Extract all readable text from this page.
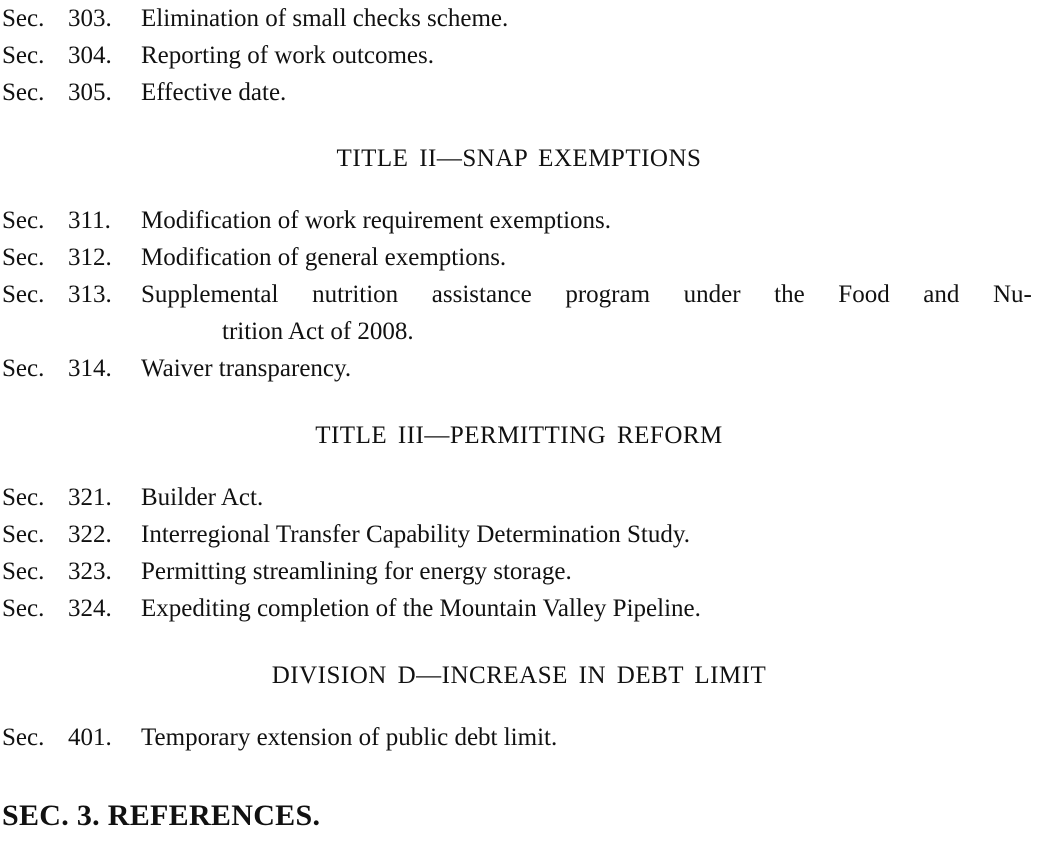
Sec. 303. Elimination of small checks scheme.
Sec. 304. Reporting of work outcomes.
Sec. 305. Effective date.
TITLE II—SNAP EXEMPTIONS
Sec. 311. Modification of work requirement exemptions.
Sec. 312. Modification of general exemptions.
Sec. 313. Supplemental nutrition assistance program under the Food and Nu-
trition Act of 2008.
Sec. 314. Waiver transparency.
TITLE III—PERMITTING REFORM
Sec. 321. Builder Act.
Sec. 322. Interregional Transfer Capability Determination Study.
Sec. 323. Permitting streamlining for energy storage.
Sec. 324. Expediting completion of the Mountain Valley Pipeline.
DIVISION D—INCREASE IN DEBT LIMIT
Sec. 401. Temporary extension of public debt limit.
SEC. 3. REFERENCES.
